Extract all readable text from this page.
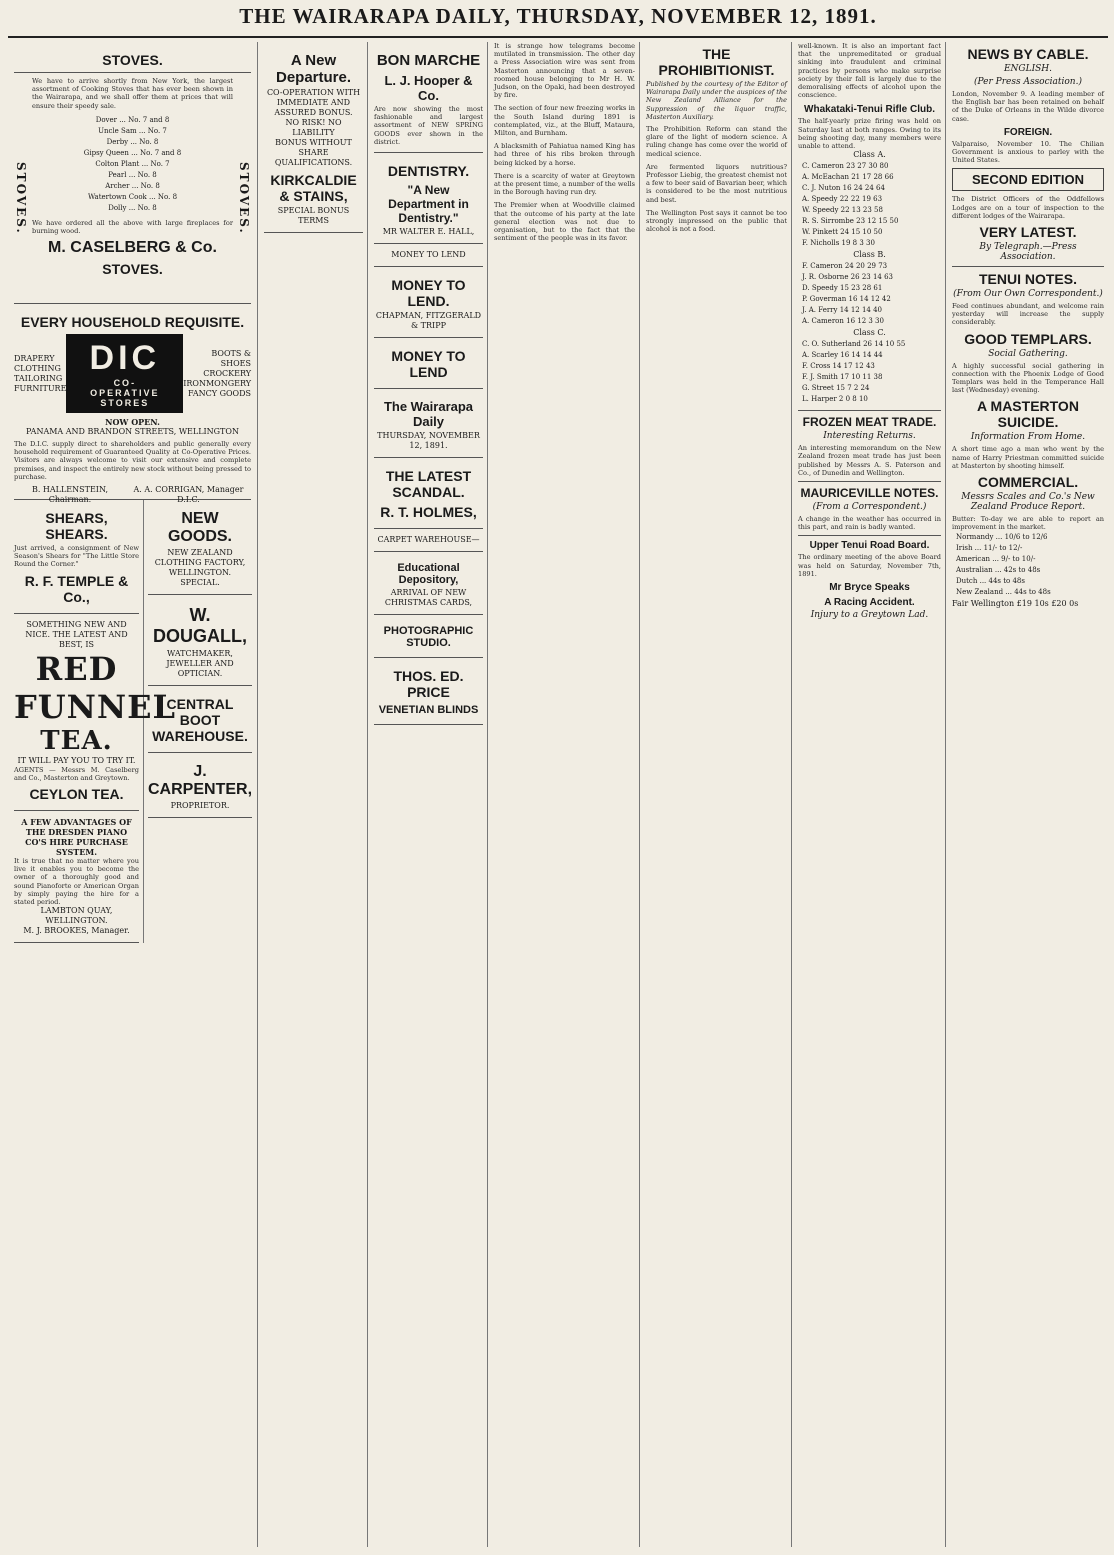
THE WAIRARAPA DAILY, THURSDAY, NOVEMBER 12, 1891.
STOVES.
We have to arrive shortly from New York, the largest assortment of Cooking Stoves that has ever been shown in the Wairarapa, and we shall offer them at prices that will ensure their speedy sale.
Dover ... No. 7 and 8
Uncle Sam ... No. 7
Derby ... No. 8
Gipsy Queen ... No. 7 and 8
Colton Plant ... No. 7
Pearl ... No. 8
Archer ... No. 8
Watertown Cook ... No. 8
Dolly ... No. 8
We have ordered all the above with large fireplaces for burning wood.
M. CASELBERG & Co.
STOVES.
STOVES.	STOVES.
EVERY HOUSEHOLD REQUISITE.
DRAPERY
CLOTHING
TAILORING
FURNITURE
DIC
CO-OPERATIVE STORES
BOOTS & SHOES
CROCKERY
IRONMONGERY
FANCY GOODS
NOW OPEN.
PANAMA AND BRANDON STREETS, WELLINGTON
The D.I.C. supply direct to shareholders and public generally every household requirement of Guaranteed Quality at Co-Operative Prices. Visitors are always welcome to visit our extensive and complete premises, and inspect the entirely new stock without being pressed to purchase.
B. HALLENSTEIN, Chairman.
A. A. CORRIGAN, Manager D.I.C.
SHEARS, SHEARS.
Just arrived, a consignment of New Season's Shears for "The Little Store Round the Corner."
R. F. TEMPLE & Co.,
SOMETHING NEW AND NICE. THE LATEST AND BEST, IS
RED FUNNEL
TEA.
IT WILL PAY YOU TO TRY IT.
AGENTS — Messrs M. Caselberg and Co., Masterton and Greytown.
CEYLON TEA.
A FEW ADVANTAGES OF THE DRESDEN PIANO CO'S HIRE PURCHASE SYSTEM.
It is true that no matter where you live it enables you to become the owner of a thoroughly good and sound Pianoforte or American Organ by simply paying the hire for a stated period.
LAMBTON QUAY, WELLINGTON.
M. J. BROOKES, Manager.
NEW GOODS.
NEW ZEALAND CLOTHING FACTORY, WELLINGTON.
SPECIAL.
W. DOUGALL,
WATCHMAKER, JEWELLER AND OPTICIAN.
CENTRAL BOOT WAREHOUSE.
J. CARPENTER,
PROPRIETOR.
A New Departure.
CO-OPERATION WITH IMMEDIATE AND ASSURED BONUS.
NO RISK! NO LIABILITY
BONUS WITHOUT SHARE QUALIFICATIONS.
KIRKCALDIE & STAINS,
SPECIAL BONUS TERMS
BON MARCHE
L. J. Hooper & Co.
Are now showing the most fashionable and largest assortment of NEW SPRING GOODS ever shown in the district.
DENTISTRY.
"A New Department in Dentistry."
MR WALTER E. HALL,
MONEY TO LEND
MONEY TO LEND.
CHAPMAN, FITZGERALD & TRIPP
MONEY TO LEND
The Wairarapa Daily
THURSDAY, NOVEMBER 12, 1891.
THE LATEST SCANDAL.
R. T. HOLMES,
CARPET WAREHOUSE—
Educational Depository,
ARRIVAL OF NEW CHRISTMAS CARDS,
PHOTOGRAPHIC STUDIO.
THOS. ED. PRICE
VENETIAN BLINDS
It is strange how telegrams become mutilated in transmission. The other day a Press Association wire was sent from Masterton announcing that a seven-roomed house belonging to Mr H. W. Judson, on the Opaki, had been destroyed by fire.
The section of four new freezing works in the South Island during 1891 is contemplated, viz., at the Bluff, Mataura, Milton, and Burnham.
A blacksmith of Pahiatua named King has had three of his ribs broken through being kicked by a horse.
There is a scarcity of water at Greytown at the present time, a number of the wells in the Borough having run dry.
The Premier when at Woodville claimed that the outcome of his party at the late general election was not due to organisation, but to the fact that the sentiment of the people was in its favor.
THE PROHIBITIONIST.
Published by the courtesy of the Editor of Wairarapa Daily under the auspices of the New Zealand Alliance for the Suppression of the liquor traffic, Masterton Auxiliary.
The Prohibition Reform can stand the glare of the light of modern science. A ruling change has come over the world of medical science.
Are fermented liquors nutritious? Professor Liebig, the greatest chemist not a few to beer said of Bavarian beer, which is considered to be the most nutritious and best.
The Wellington Post says it cannot be too strongly impressed on the public that alcohol is not a food.
well-known. It is also an important fact that the unpremeditated or gradual sinking into fraudulent and criminal practices by persons who make surprise society by their fall is largely due to the demoralising effects of alcohol upon the conscience.
Whakataki-Tenui Rifle Club.
The half-yearly prize firing was held on Saturday last at both ranges. Owing to its being shooting day, many members were unable to attend.
Class A.
C. Cameron 23 27 30 80
A. McEachan 21 17 28 66
C. J. Nuton 16 24 24 64
A. Speedy 22 22 19 63
W. Speedy 22 13 23 58
R. S. Sirrombe 23 12 15 50
W. Pinkett 24 15 10 50
F. Nicholls 19 8 3 30
Class B.
F. Cameron 24 20 29 73
J. R. Osborne 26 23 14 63
D. Speedy 15 23 28 61
P. Goverman 16 14 12 42
J. A. Ferry 14 12 14 40
A. Cameron 16 12 3 30
Class C.
C. O. Sutherland 26 14 10 55
A. Scarley 16 14 14 44
F. Cross 14 17 12 43
F. J. Smith 17 10 11 38
G. Street 15 7 2 24
L. Harper 2 0 8 10
FROZEN MEAT TRADE.
Interesting Returns.
An interesting memorandum on the New Zealand frozen meat trade has just been published by Messrs A. S. Paterson and Co., of Dunedin and Wellington.
MAURICEVILLE NOTES.
(From a Correspondent.)
A change in the weather has occurred in this part, and rain is badly wanted.
Upper Tenui Road Board.
The ordinary meeting of the above Board was held on Saturday, November 7th, 1891.
Mr Bryce Speaks
A Racing Accident.
Injury to a Greytown Lad.
NEWS BY CABLE.
ENGLISH.
(Per Press Association.)
London, November 9. A leading member of the English bar has been retained on behalf of the Duke of Orleans in the Wilde divorce case.
FOREIGN.
Valparaiso, November 10. The Chilian Government is anxious to parley with the United States.
SECOND EDITION
The District Officers of the Oddfellows Lodges are on a tour of inspection to the different lodges of the Wairarapa.
VERY LATEST.
By Telegraph.—Press Association.
TENUI NOTES.
(From Our Own Correspondent.)
Feed continues abundant, and welcome rain yesterday will increase the supply considerably.
GOOD TEMPLARS.
Social Gathering.
A highly successful social gathering in connection with the Phoenix Lodge of Good Templars was held in the Temperance Hall last (Wednesday) evening.
A MASTERTON SUICIDE.
Information From Home.
A short time ago a man who went by the name of Harry Priestman committed suicide at Masterton by shooting himself.
COMMERCIAL.
Messrs Scales and Co.'s New Zealand Produce Report.
Butter: To-day we are able to report an improvement in the market.
Normandy ... 10/6 to 12/6
Irish ... 11/- to 12/-
American ... 9/- to 10/-
Australian ... 42s to 48s
Dutch ... 44s to 48s
New Zealand ... 44s to 48s
Fair Wellington £19 10s £20 0s
